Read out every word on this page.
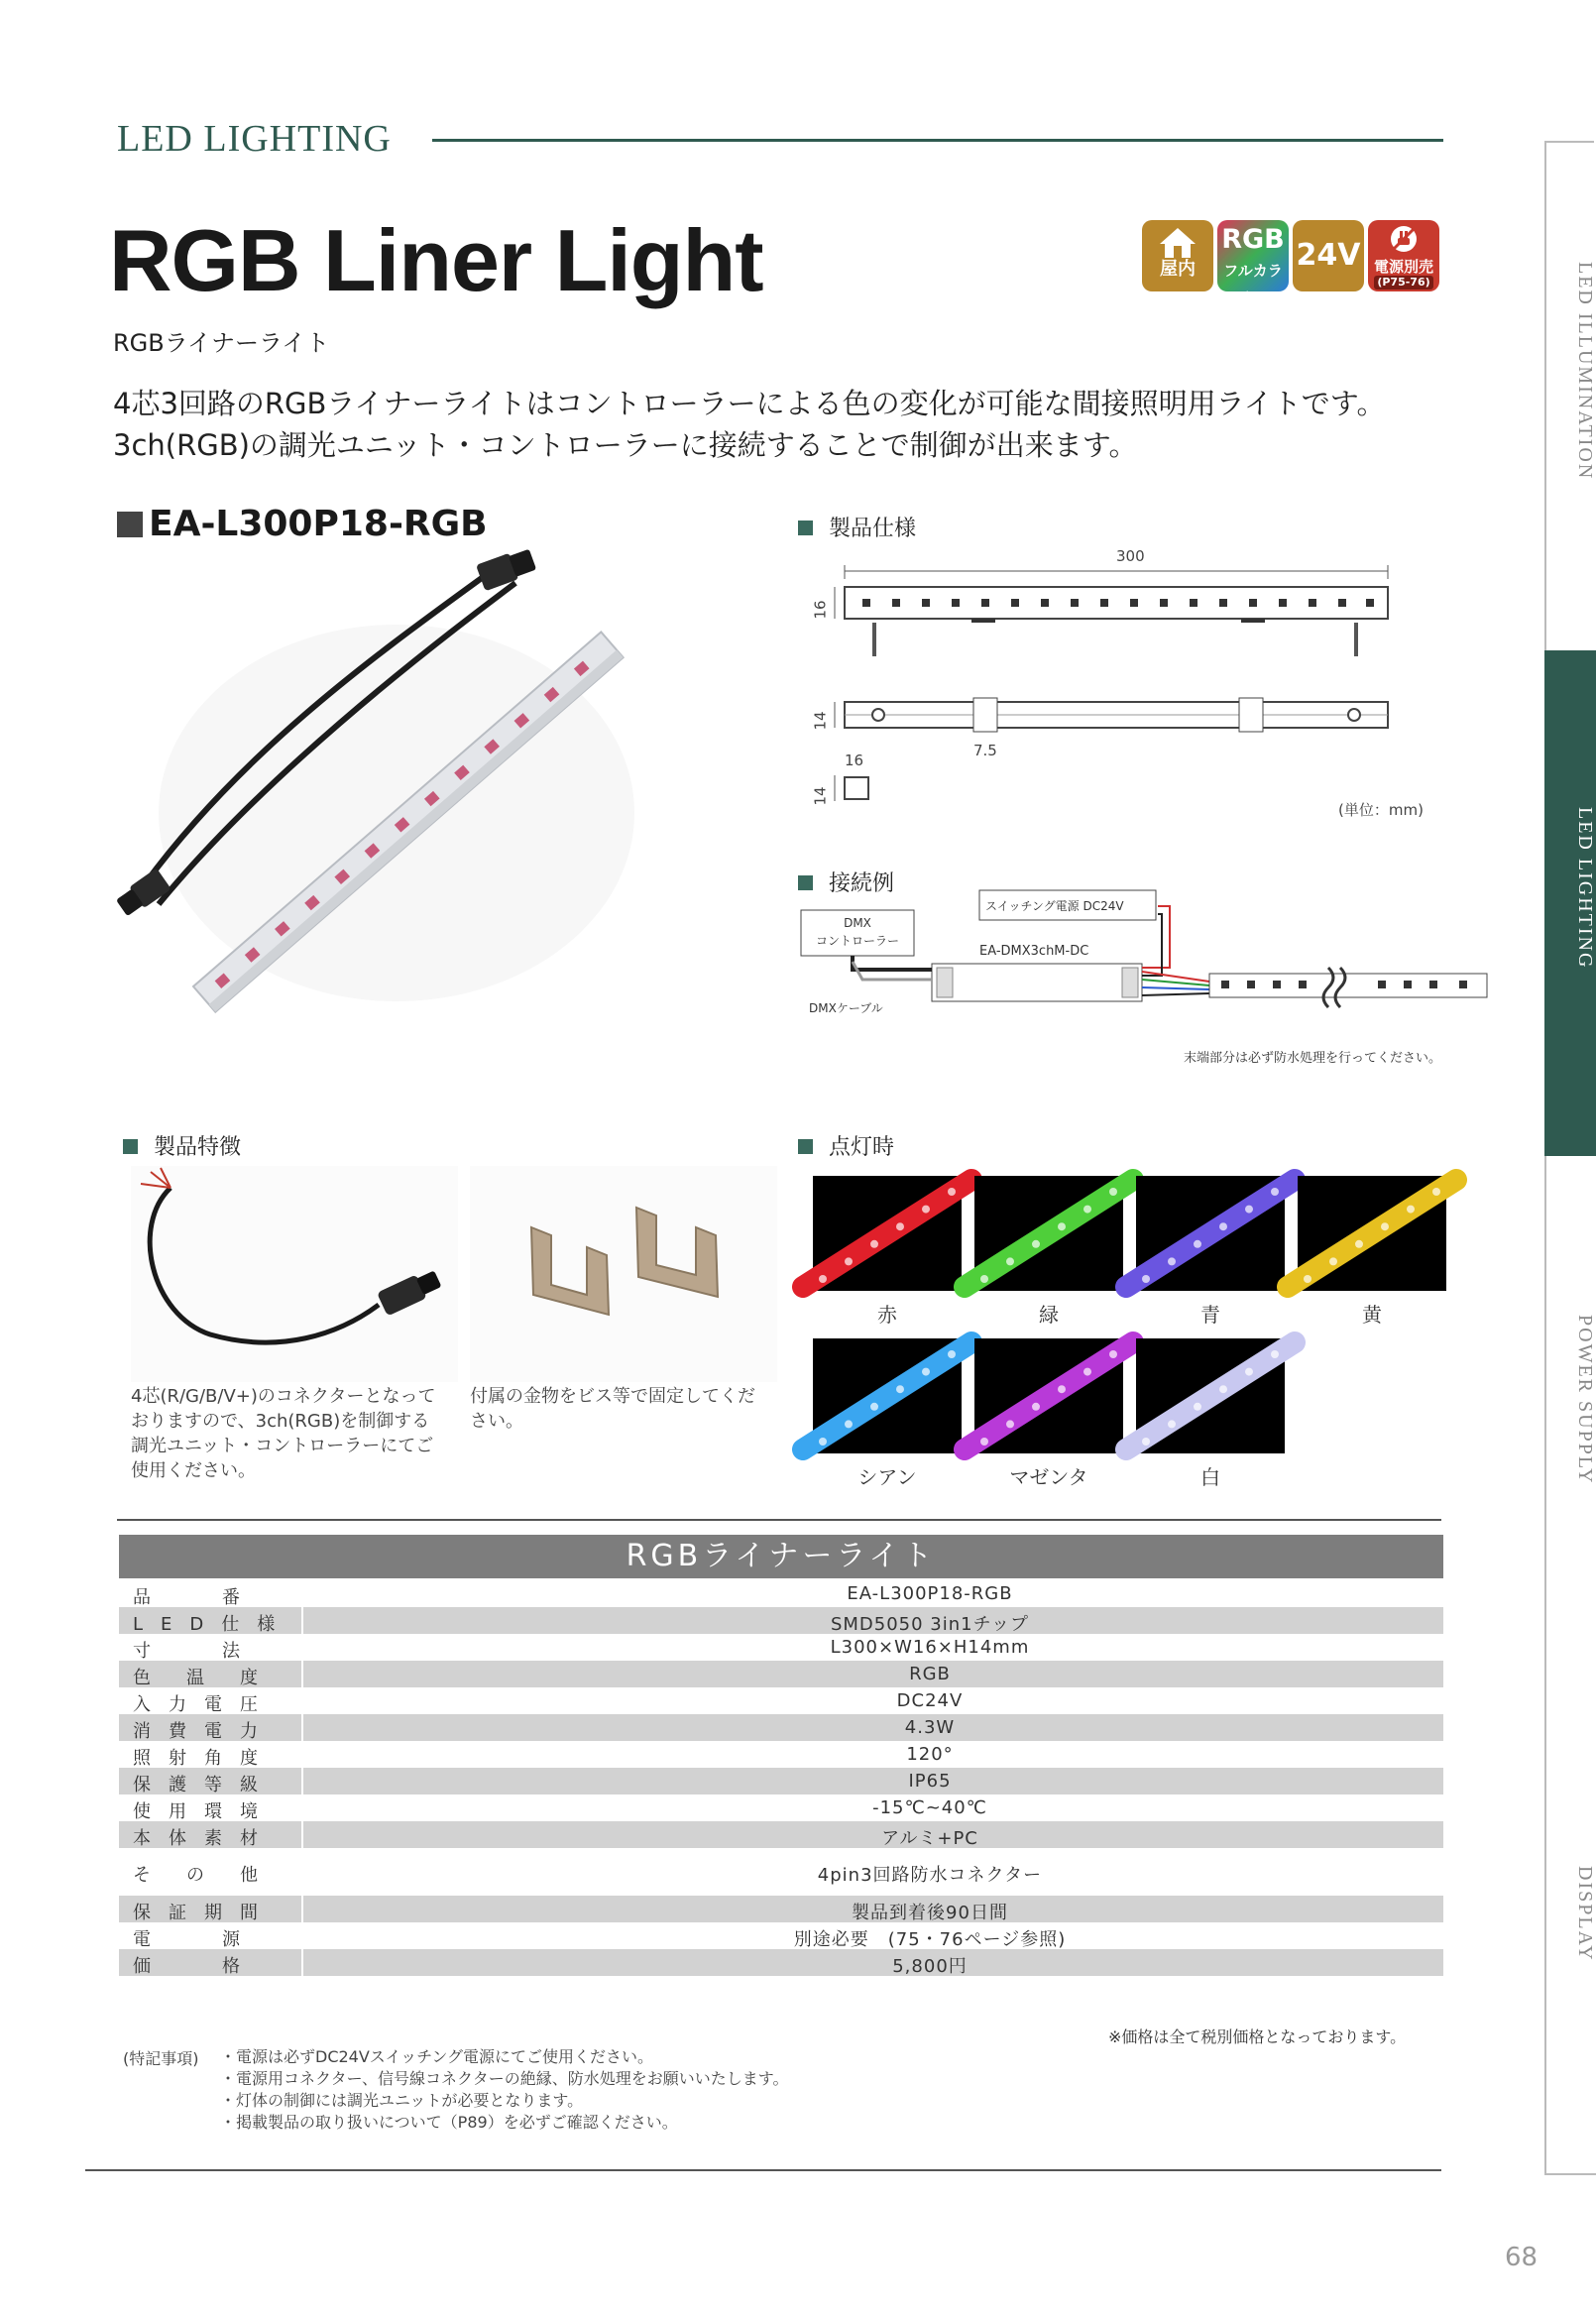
LED LIGHTING
RGB Liner Light
RGBライナーライト
4芯3回路のRGBライナーライトはコントローラーによる色の変化が可能な間接照明用ライトです。
3ch(RGB)の調光ユニット・コントローラーに接続することで制御が出来ます。
屋内
RGB
フルカラー
24V 電源別売
(P75-76)
EA-L300P18-RGB	製品仕様
300
16
14
7.5
16
14
(単位：mm)
接続例
スイッチング電源 DC24V
DMX
コントローラー
EA-DMX3chM-DC
DMXケーブル
末端部分は必ず防水処理を行ってください。
製品特徴
4芯(R/G/B/V+)のコネクターとなって
おりますので、3ch(RGB)を制御する
調光ユニット・コントローラーにてご
使用ください。
付属の金物をビス等で固定してくだ
さい。
点灯時
赤	緑	青	黄
シアン	マゼンタ	白
RGBライナーライト
品　　　　番	EA-L300P18-RGB
L　E　D　仕　様	SMD5050 3in1チップ
寸　　　　法	L300×W16×H14mm
色　　温　　度	RGB
入　力　電　圧	DC24V
消　費　電　力	4.3W
照　射　角　度	120°
保　護　等　級	IP65
使　用　環　境	-15℃~40℃
本　体　素　材	アルミ+PC
そ　　の　　他	4pin3回路防水コネクター
保　証　期　間	製品到着後90日間
電　　　　源	別途必要　(75・76ページ参照)
価　　　　格	5,800円
※価格は全て税別価格となっております。
(特記事項) ・電源は必ずDC24Vスイッチング電源にてご使用ください。
・電源用コネクター、信号線コネクターの絶縁、防水処理をお願いいたします。
・灯体の制御には調光ユニットが必要となります。
・掲載製品の取り扱いについて（P89）を必ずご確認ください。
68
LED ILLUMINATION
LED LIGHTING
POWER SUPPLY
DISPLAY
